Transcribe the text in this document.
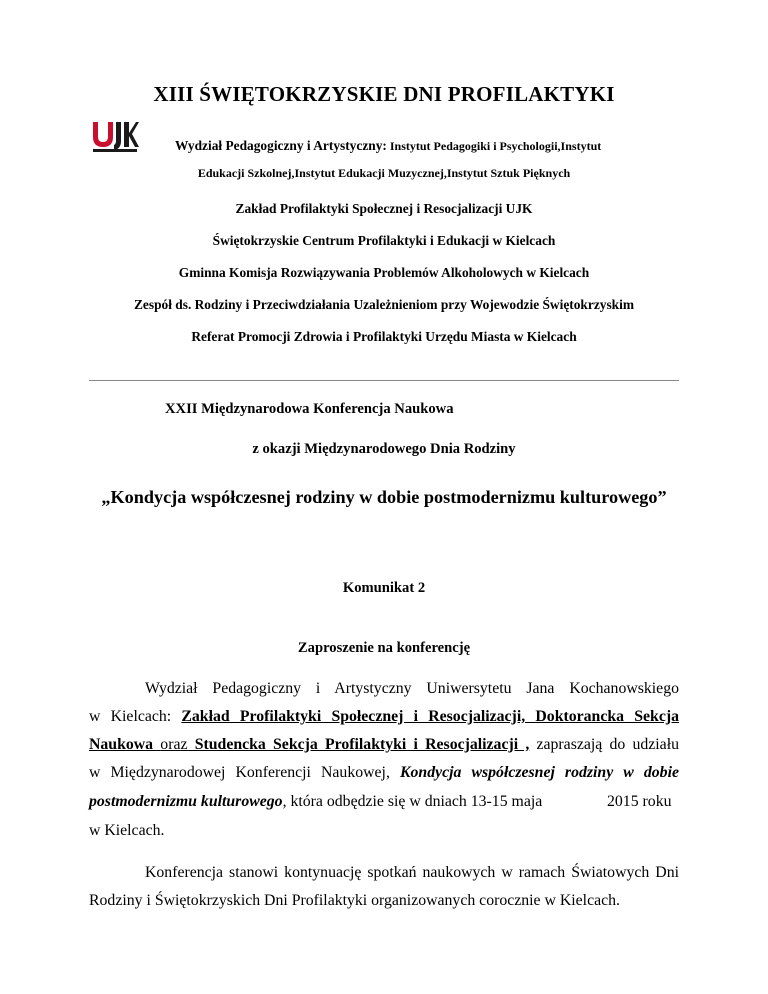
XIII ŚWIĘTOKRZYSKIE DNI PROFILAKTYKI
Wydział Pedagogiczny i Artystyczny: Instytut Pedagogiki i Psychologii,Instytut
Edukacji Szkolnej,Instytut Edukacji Muzycznej,Instytut Sztuk Pięknych
Zakład Profilaktyki Społecznej i Resocjalizacji UJK
Świętokrzyskie Centrum Profilaktyki i Edukacji w Kielcach
Gminna Komisja Rozwiązywania Problemów Alkoholowych w Kielcach
Zespół ds. Rodziny i Przeciwdziałania Uzależnieniom przy Wojewodzie Świętokrzyskim
Referat Promocji Zdrowia i Profilaktyki Urzędu Miasta w Kielcach
XXII Międzynarodowa Konferencja Naukowa
z okazji Międzynarodowego Dnia Rodziny
„Kondycja współczesnej rodziny w dobie postmodernizmu kulturowego”
Komunikat 2
Zaproszenie na konferencję
Wydział Pedagogiczny i Artystyczny Uniwersytetu Jana Kochanowskiego
w Kielcach: Zakład Profilaktyki Społecznej i Resocjalizacji, Doktorancka Sekcja
Naukowa oraz Studencka Sekcja Profilaktyki i Resocjalizacji , zapraszają do udziału
w Międzynarodowej Konferencji Naukowej, Kondycja współczesnej rodziny w dobie
postmodernizmu kulturowego, która odbędzie się w dniach 13-15 maja	2015 roku
w Kielcach.
Konferencja stanowi kontynuację spotkań naukowych w ramach Światowych Dni
Rodziny i Świętokrzyskich Dni Profilaktyki organizowanych corocznie w Kielcach.
